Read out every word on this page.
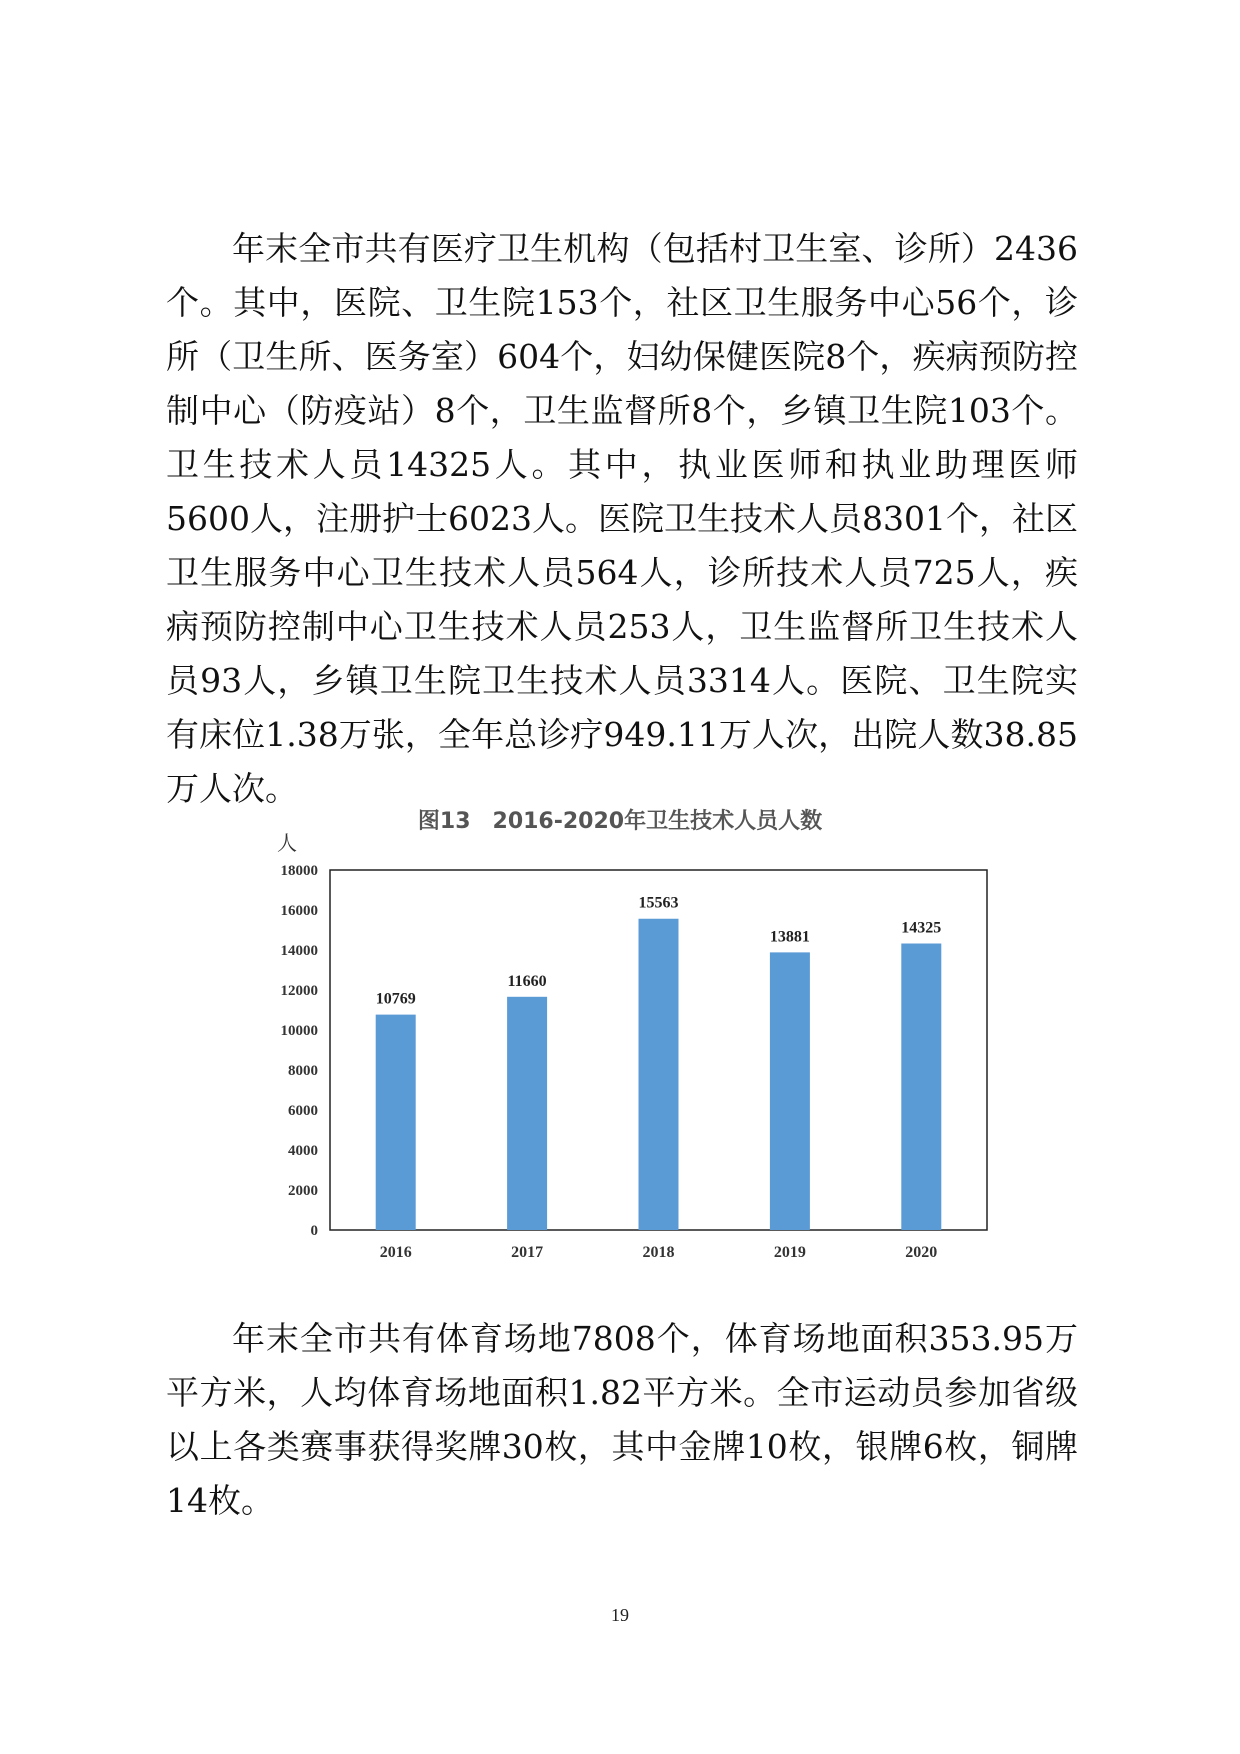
年末全市共有医疗卫生机构（包括村卫生室、诊所）2436个。其中，医院、卫生院153个，社区卫生服务中心56个，诊所（卫生所、医务室）604个，妇幼保健医院8个，疾病预防控制中心（防疫站）8个，卫生监督所8个，乡镇卫生院103个。卫生技术人员14325人。其中，执业医师和执业助理医师5600人，注册护士6023人。医院卫生技术人员8301个，社区卫生服务中心卫生技术人员564人，诊所技术人员725人，疾病预防控制中心卫生技术人员253人，卫生监督所卫生技术人员93人，乡镇卫生院卫生技术人员3314人。医院、卫生院实有床位1.38万张，全年总诊疗949.11万人次，出院人数38.85万人次。

图13　2016-2020年卫生技术人员人数

人
0
2000
4000
6000
8000
10000
12000
14000
16000
18000
10769
11660
15563
13881
14325
2016	2017	2018	2019	2020

年末全市共有体育场地7808个，体育场地面积353.95万平方米，人均体育场地面积1.82平方米。全市运动员参加省级以上各类赛事获得奖牌30枚，其中金牌10枚，银牌6枚，铜牌14枚。

19
